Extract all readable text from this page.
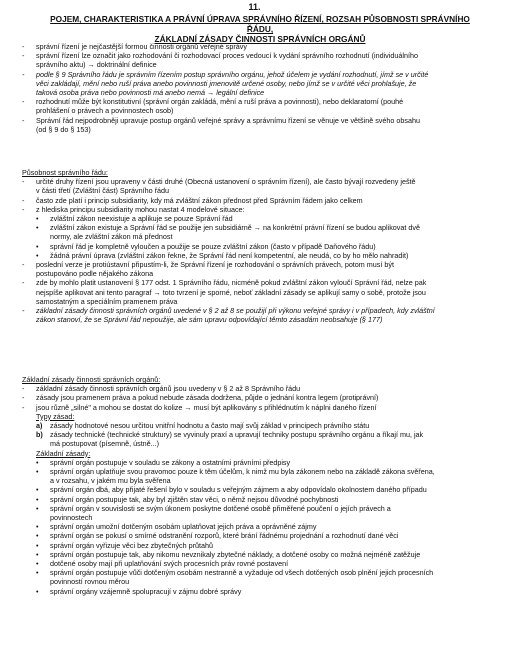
11.
POJEM, CHARAKTERISTIKA A PRÁVNÍ ÚPRAVA SPRÁVNÍHO ŘÍZENÍ, ROZSAH PŮSOBNOSTI SPRÁVNÍHO ŘÁDU,
ZÁKLADNÍ ZÁSADY ČINNOSTI SPRÁVNÍCH ORGÁNŮ
- správní řízení je nejčastější formou činnosti orgánů veřejné správy
- správní řízení lze označit jako rozhodování či rozhodovací proces vedoucí k vydání správního rozhodnutí (individuálního
správního aktu) → doktrinální definice
- podle § 9 Správního řádu je správním řízením postup správního orgánu, jehož účelem je vydání rozhodnutí, jímž se v určité
věci zakládají, mění nebo ruší práva anebo povinnosti jmenovitě určené osoby, nebo jímž se v určité věci prohlašuje, že
taková osoba práva nebo povinnosti má anebo nemá → legální definice
- rozhodnutí může být konstitutivní (správní orgán zakládá, mění a ruší práva a povinnosti), nebo deklaratorní (pouhé
prohlášení o právech a povinnostech osob)
- Správní řád nejpodrobněji upravuje postup orgánů veřejné správy a správnímu řízení se věnuje ve většině svého obsahu
(od § 9 do § 153)
Působnost správního řádu:
- určité druhy řízení jsou upraveny v části druhé (Obecná ustanovení o správním řízení), ale často bývají rozvedeny ještě
v části třetí (Zvláštní část) Správního řádu
- často zde platí i princip subsidiarity, kdy má zvláštní zákon přednost před Správním řádem jako celkem
- z hlediska principu subsidiarity mohou nastat 4 modelové situace:
• zvláštní zákon neexistuje a aplikuje se pouze Správní řád
• zvláštní zákon existuje a Správní řád se použije jen subsidiárně → na konkrétní právní řízení se budou aplikovat dvě
normy, ale zvláštní zákon má přednost
• správní řád je kompletně vyloučen a použije se pouze zvláštní zákon (často v případě Daňového řádu)
• žádná právní úprava (zvláštní zákon řekne, že Správní řád není kompetentní, ale neudá, co by ho mělo nahradit)
- poslední verze je protiústavní připustím-li, že Správní řízení je rozhodování o správních právech, potom musí být
postupováno podle nějakého zákona
- zde by mohlo platit ustanovení § 177 odst. 1 Správního řádu, nicméně pokud zvláštní zákon vyloučí Správní řád, nelze pak
nejspíše aplikovat ani tento paragraf → toto tvrzení je sporné, neboť základní zásady se aplikují samy o sobě, protože jsou
samostatným a speciálním pramenem práva
- základní zásady činnosti správních orgánů uvedené v § 2 až 8 se použijí při výkonu veřejné správy i v případech, kdy zvláštní
zákon stanoví, že se Správní řád nepoužije, ale sám upravu odpovídající těmto zásadám neobsahuje (§ 177)
Základní zásady činnosti správních orgánů:
- základní zásady činnosti správních orgánů jsou uvedeny v § 2 až 8 Správního řádu
- zásady jsou pramenem práva a pokud nebude zásada dodržena, půjde o jednání kontra legem (protiprávní)
- jsou různě „silné" a mohou se dostat do kolize → musí být aplikovány s přihlédnutím k náplni daného řízení
Typy zásad:
a) zásady hodnotové nesou určitou vnitřní hodnotu a často mají svůj základ v principech právního státu
b) zásady technické (technické struktury) se vyvinuly praxí a upravují techniky postupu správního orgánu a říkají mu, jak
má postupovat (písemně, ústně...)
Základní zásady:
• správní orgán postupuje v souladu se zákony a ostatními právními předpisy
• správní orgán uplatňuje svou pravomoc pouze k těm účelům, k nimž mu byla zákonem nebo na základě zákona svěřena,
a v rozsahu, v jakém mu byla svěřena
• správní orgán dbá, aby přijaté řešení bylo v souladu s veřejným zájmem a aby odpovídalo okolnostem daného případu
• správní orgán postupuje tak, aby byl zjištěn stav věci, o němž nejsou důvodné pochybnosti
• správní orgán v souvislosti se svým úkonem poskytne dotčené osobě přiměřené poučení o jejích právech a
povinnostech
• správní orgán umožní dotčeným osobám uplatňovat jejich práva a oprávněné zájmy
• správní orgán se pokusí o smírné odstranění rozporů, které brání řádnému projednání a rozhodnutí dané věci
• správní orgán vyřizuje věci bez zbytečných průtahů
• správní orgán postupuje tak, aby nikomu nevznikaly zbytečné náklady, a dotčené osoby co možná nejméně zatěžuje
• dotčené osoby mají při uplatňování svých procesních práv rovné postavení
• správní orgán postupuje vůči dotčeným osobám nestranně a vyžaduje od všech dotčených osob plnění jejich procesních
povinností rovnou měrou
• správní orgány vzájemně spolupracují v zájmu dobré správy
